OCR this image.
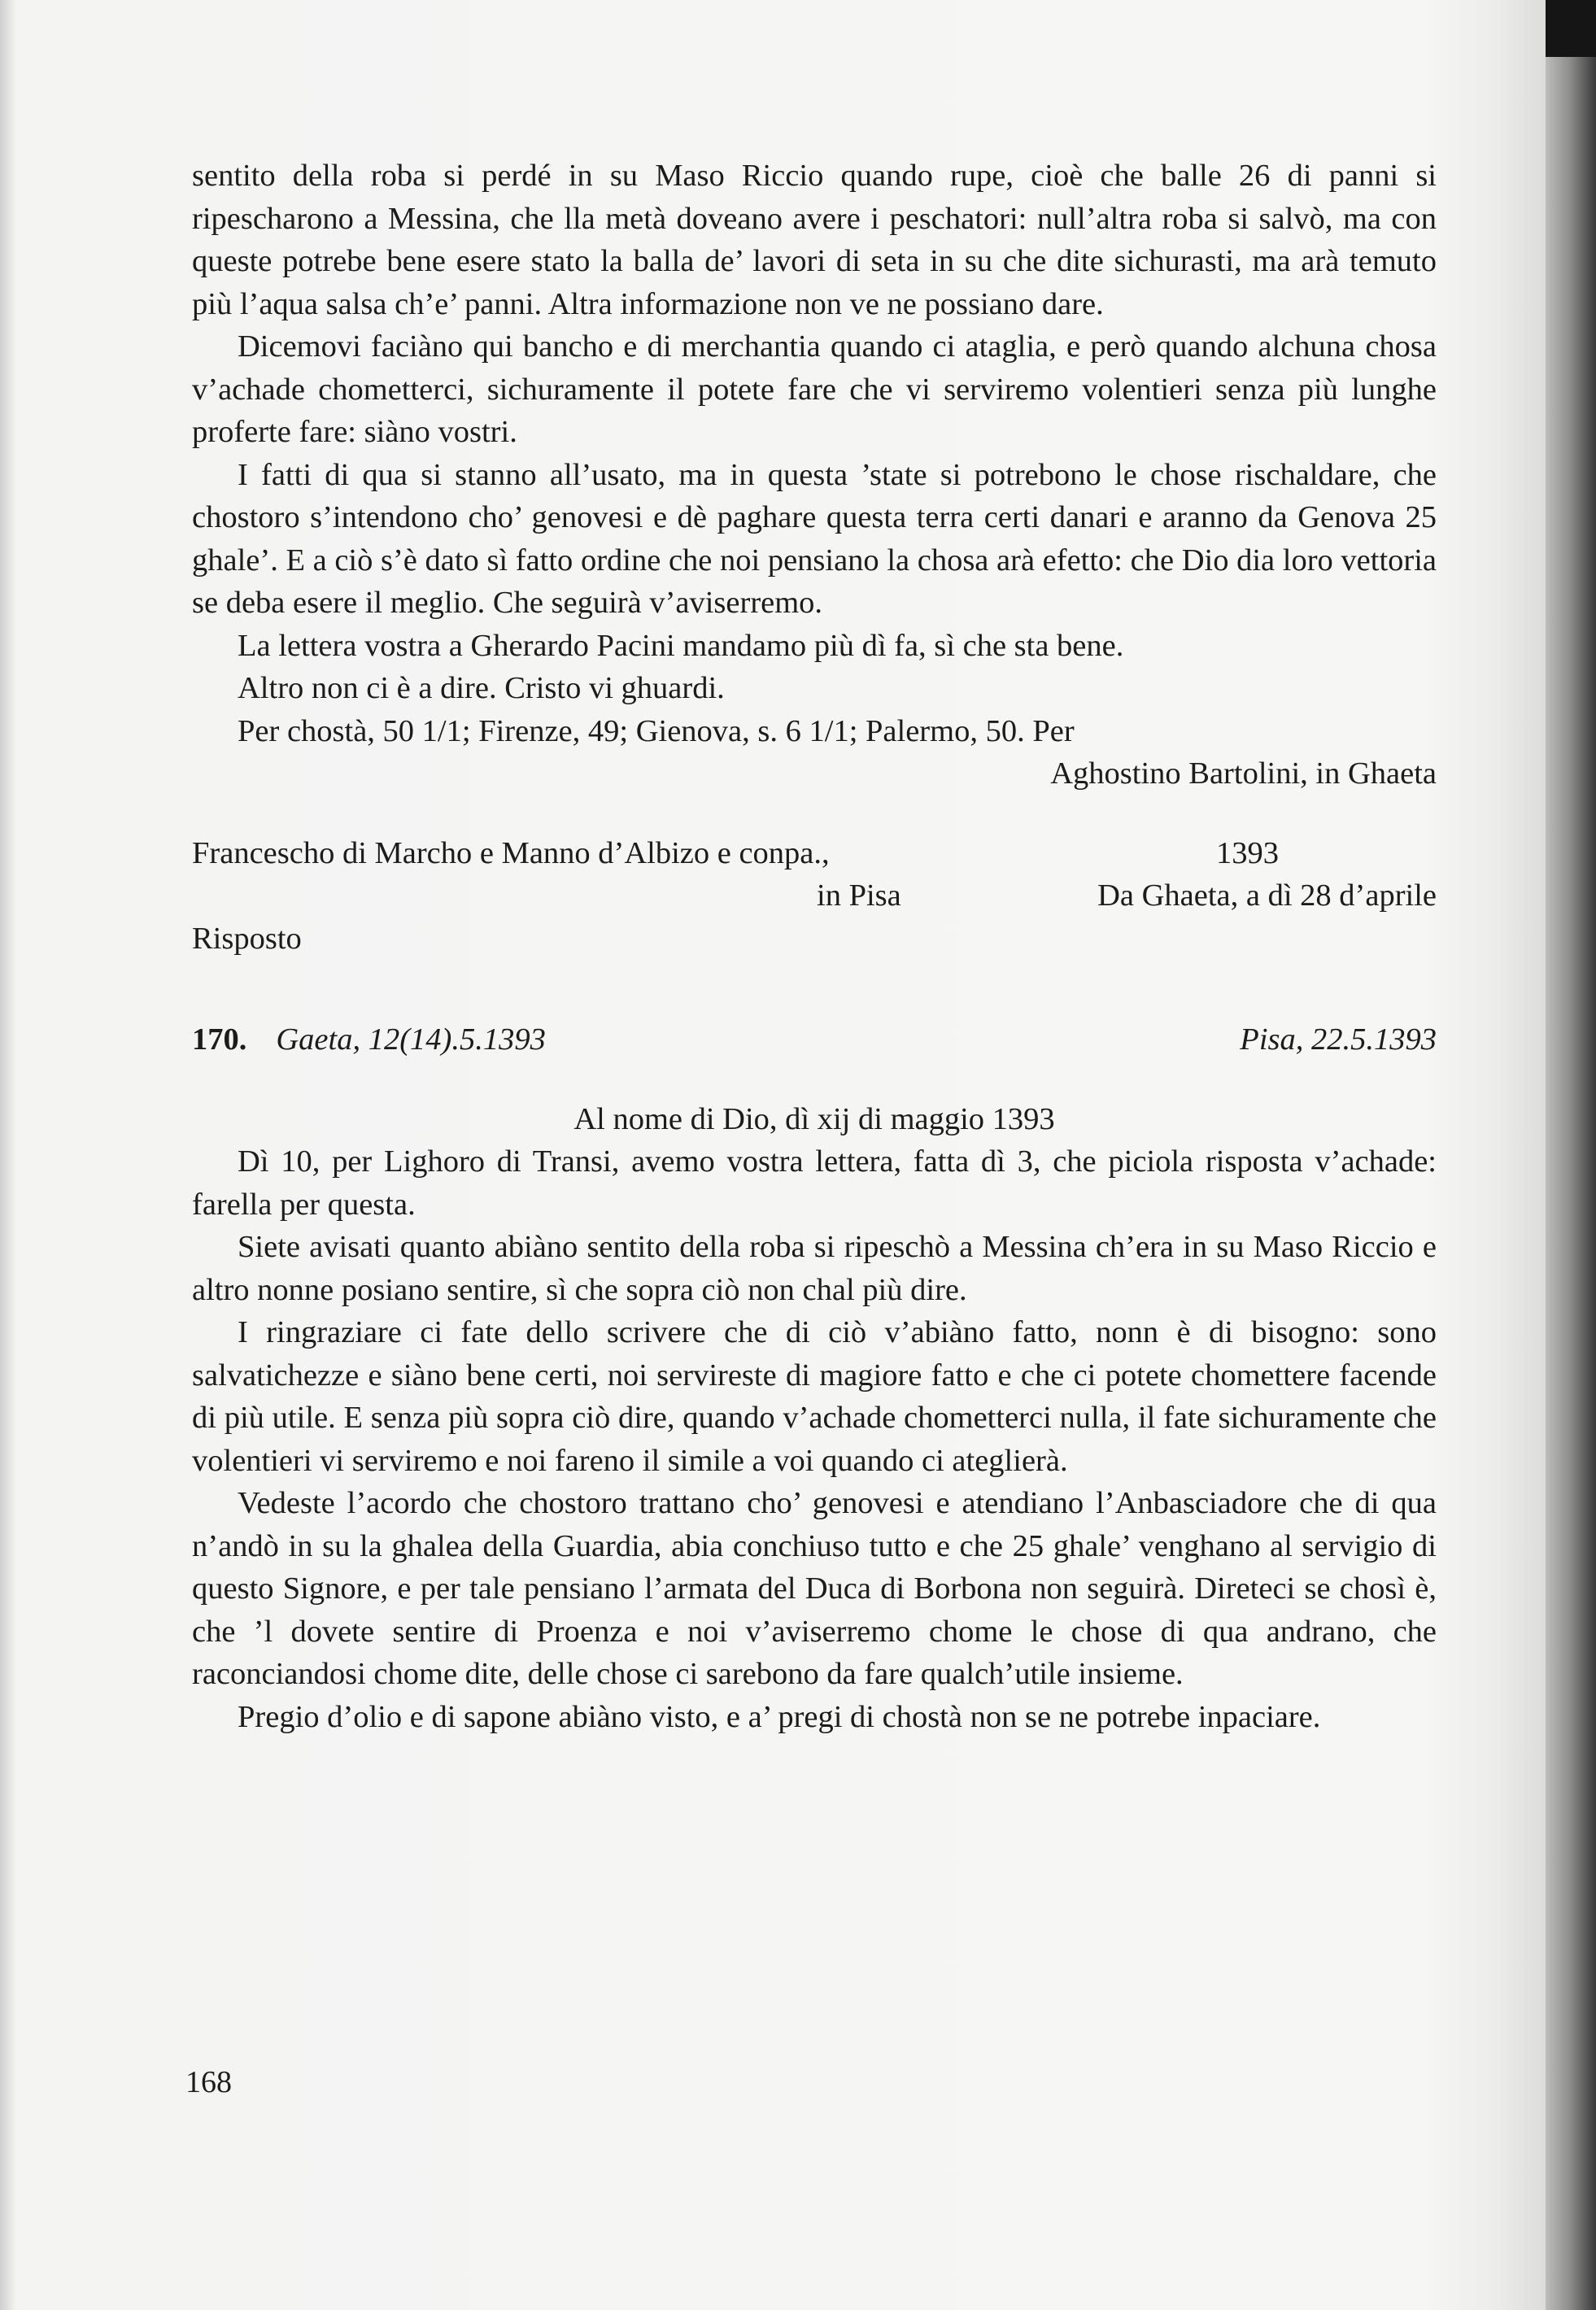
sentito della roba si perdé in su Maso Riccio quando rupe, cioè che balle 26 di panni si ripescharono a Messina, che lla metà doveano avere i peschatori: null’altra roba si salvò, ma con queste potrebe bene esere stato la balla de’ lavori di seta in su che dite sichurasti, ma arà temuto più l’aqua salsa ch’e’ panni. Altra informazione non ve ne possiano dare.

Dicemovi faciàno qui bancho e di merchantia quando ci ataglia, e però quando alchuna chosa v’achade chometterci, sichuramente il potete fare che vi serviremo volentieri senza più lunghe proferte fare: siàno vostri.

I fatti di qua si stanno all’usato, ma in questa ’state si potrebono le chose rischaldare, che chostoro s’intendono cho’ genovesi e dè paghare questa terra certi danari e aranno da Genova 25 ghale’. E a ciò s’è dato sì fatto ordine che noi pensiano la chosa arà efetto: che Dio dia loro vettoria se deba esere il meglio. Che seguirà v’aviserremo.

La lettera vostra a Gherardo Pacini mandamo più dì fa, sì che sta bene.

Altro non ci è a dire. Cristo vi ghuardi.

Per chostà, 50 1/1; Firenze, 49; Gienova, s. 6 1/1; Palermo, 50. Per

Aghostino Bartolini, in Ghaeta

Francescho di Marcho e Manno d’Albizo e conpa.,	1393
in Pisa	Da Ghaeta, a dì 28 d’aprile

Risposto

170. Gaeta, 12(14).5.1393	Pisa, 22.5.1393

Al nome di Dio, dì xij di maggio 1393

Dì 10, per Lighoro di Transi, avemo vostra lettera, fatta dì 3, che piciola risposta v’achade: farella per questa.

Siete avisati quanto abiàno sentito della roba si ripeschò a Messina ch’era in su Maso Riccio e altro nonne posiano sentire, sì che sopra ciò non chal più dire.

I ringraziare ci fate dello scrivere che di ciò v’abiàno fatto, nonn è di bisogno: sono salvatichezze e siàno bene certi, noi servireste di magiore fatto e che ci potete chomettere facende di più utile. E senza più sopra ciò dire, quando v’achade chometterci nulla, il fate sichuramente che volentieri vi serviremo e noi fareno il simile a voi quando ci ateglierà.

Vedeste l’acordo che chostoro trattano cho’ genovesi e atendiano l’Anbasciadore che di qua n’andò in su la ghalea della Guardia, abia conchiuso tutto e che 25 ghale’ venghano al servigio di questo Signore, e per tale pensiano l’armata del Duca di Borbona non seguirà. Direteci se chosì è, che ’l dovete sentire di Proenza e noi v’aviserremo chome le chose di qua andrano, che raconciandosi chome dite, delle chose ci sarebono da fare qualch’utile insieme.

Pregio d’olio e di sapone abiàno visto, e a’ pregi di chostà non se ne potrebe inpaciare.

168
